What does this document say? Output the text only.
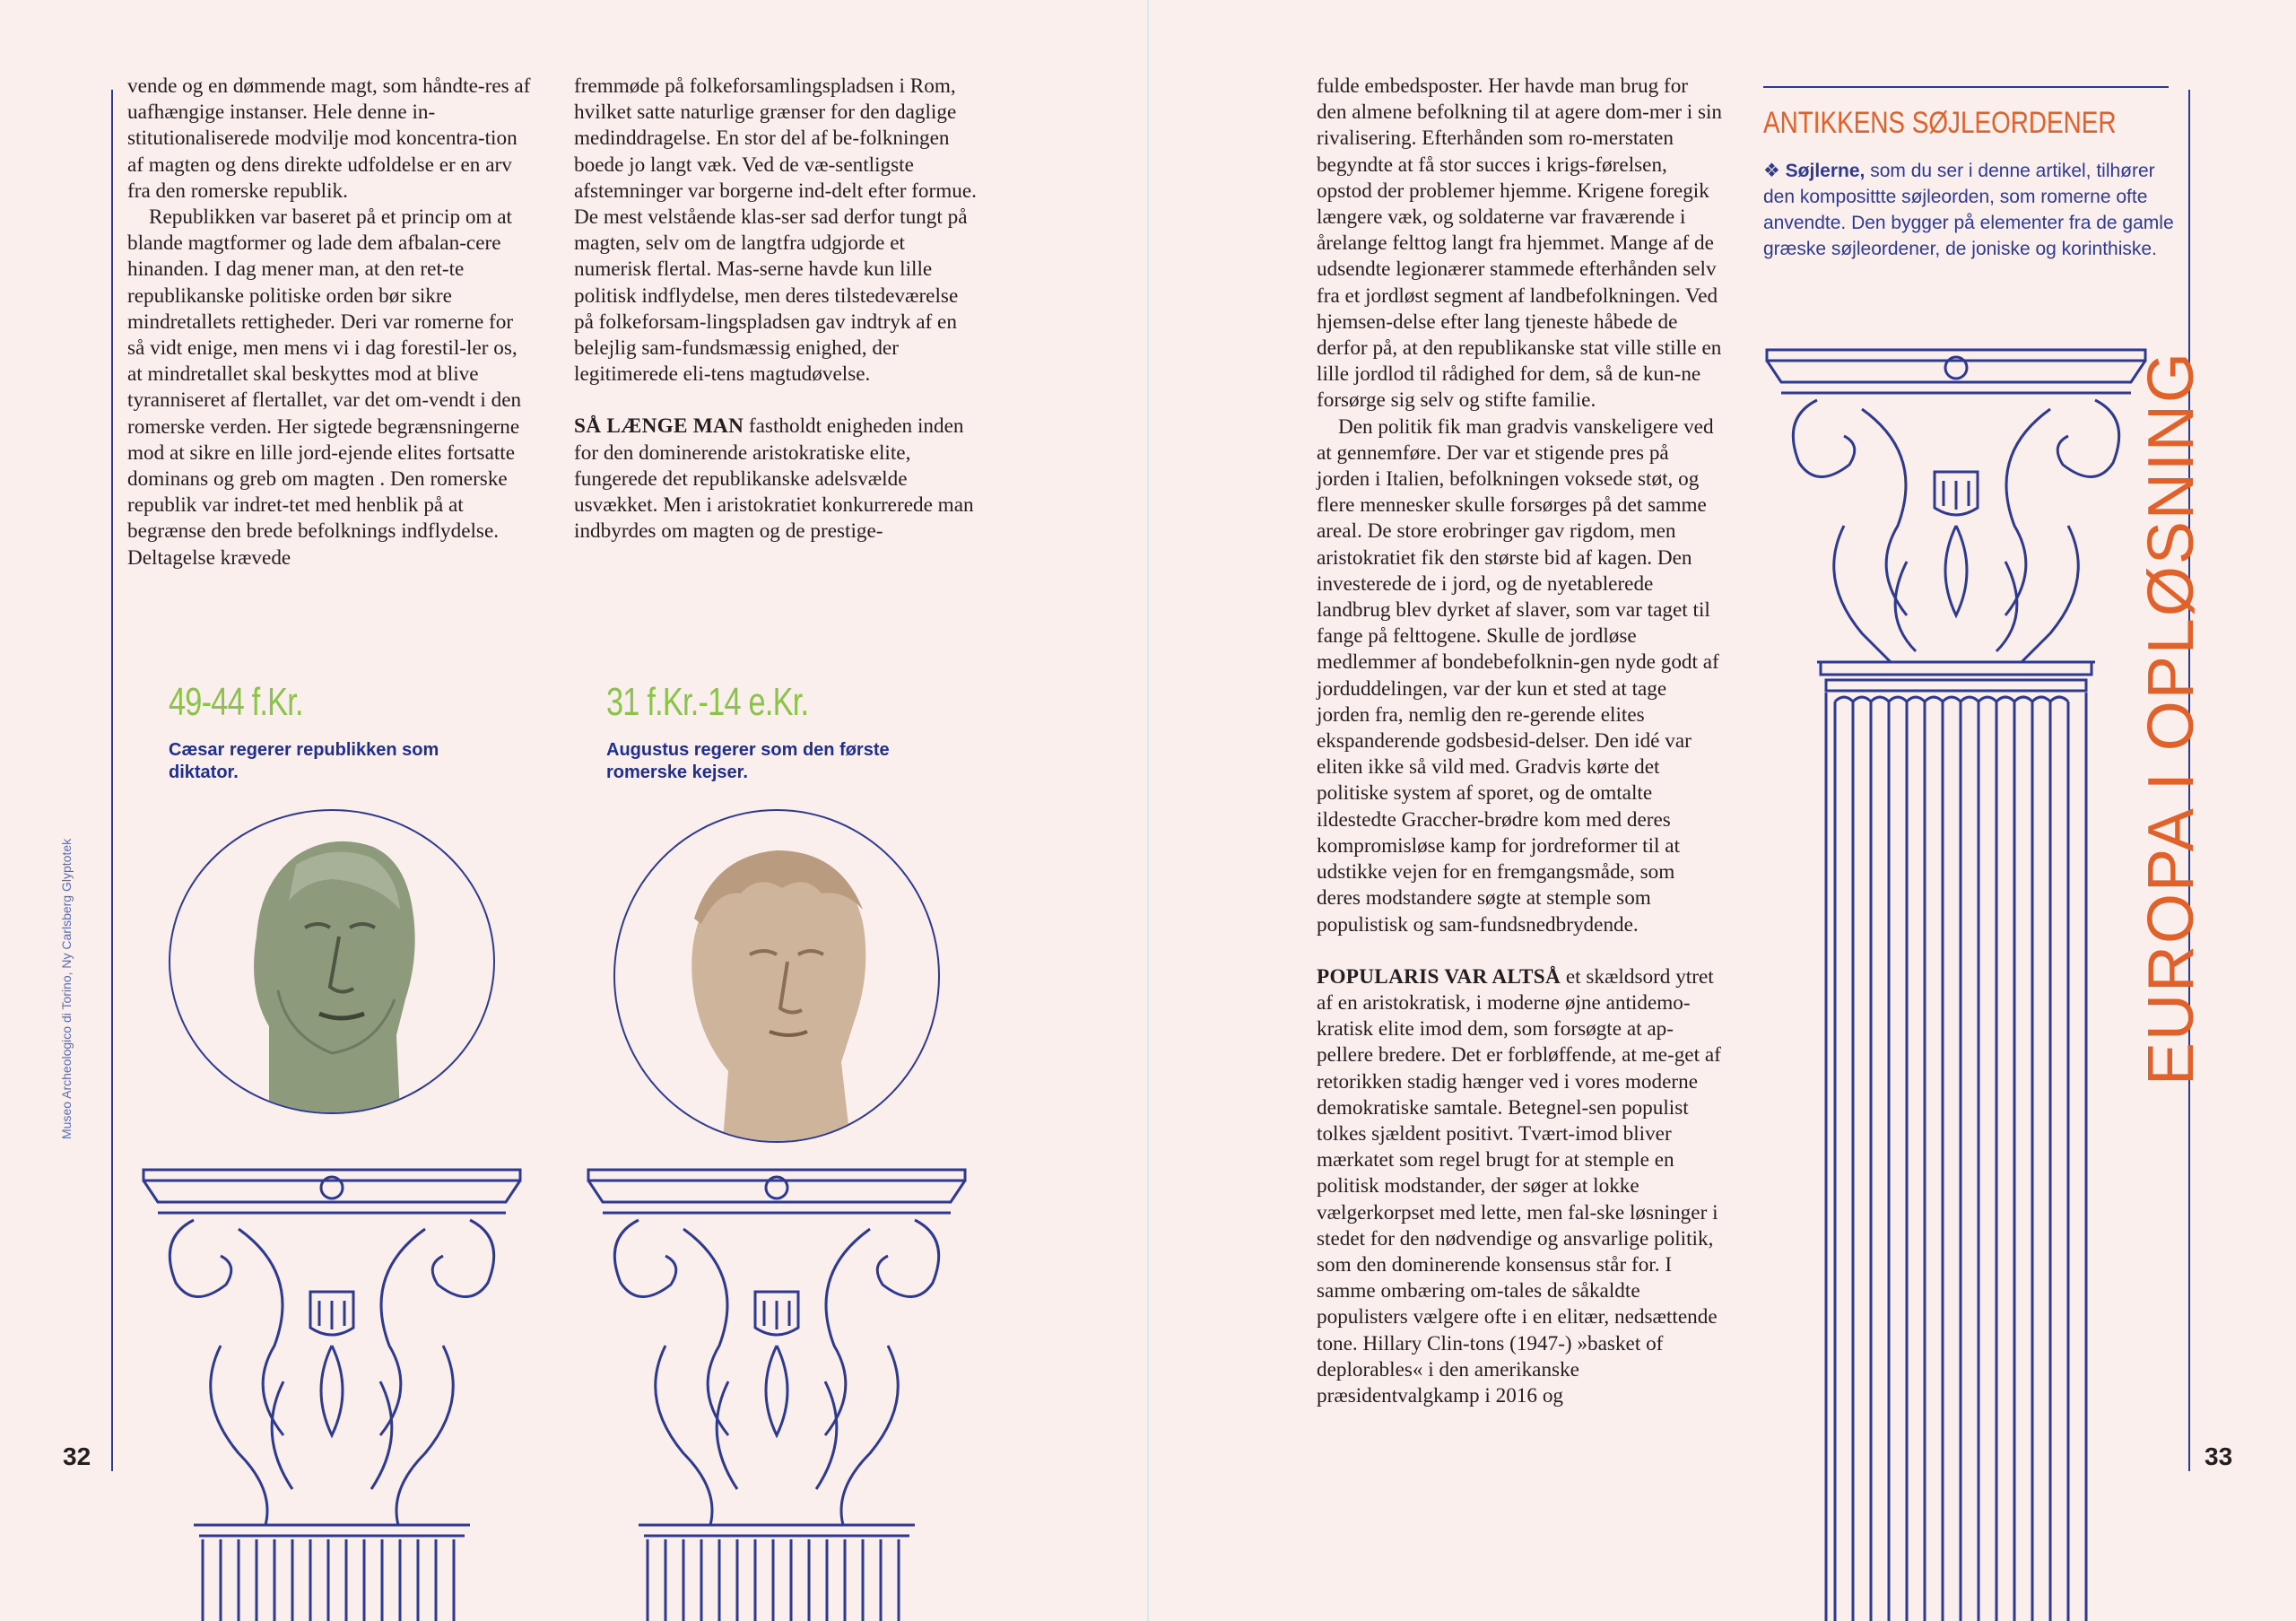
vende og en dømmende magt, som håndte-res af uafhængige instanser. Hele denne in-stitutionaliserede modvilje mod koncentra-tion af magten og dens direkte udfoldelse er en arv fra den romerske republik.

Republikken var baseret på et princip om at blande magtformer og lade dem afbalan-cere hinanden. I dag mener man, at den ret-te republikanske politiske orden bør sikre mindretallets rettigheder. Deri var romerne for så vidt enige, men mens vi i dag forestil-ler os, at mindretallet skal beskyttes mod at blive tyranniseret af flertallet, var det om-vendt i den romerske verden. Her sigtede begrænsningerne mod at sikre en lille jord-ejende elites fortsatte dominans og greb om magten . Den romerske republik var indret-tet med henblik på at begrænse den brede befolknings indflydelse. Deltagelse krævede

fremmøde på folkeforsamlingspladsen i Rom, hvilket satte naturlige grænser for den daglige medinddragelse. En stor del af be-folkningen boede jo langt væk. Ved de væ-sentligste afstemninger var borgerne ind-delt efter formue. De mest velstående klas-ser sad derfor tungt på magten, selv om de langtfra udgjorde et numerisk flertal. Mas-serne havde kun lille politisk indflydelse, men deres tilstedeværelse på folkeforsam-lingspladsen gav indtryk af en belejlig sam-fundsmæssig enighed, der legitimerede eli-tens magtudøvelse.

SÅ LÆNGE MAN fastholdt enigheden inden for den dominerende aristokratiske elite, fungerede det republikanske adelsvælde usvækket. Men i aristokratiet konkurrerede man indbyrdes om magten og de prestige-

49-44 f.Kr.
Cæsar regerer republikken som diktator.
31 f.Kr.-14 e.Kr.
Augustus regerer som den første romerske kejser.
Museo Archeologico di Torino, Ny Carlsberg Glyptotek
32

fulde embedsposter. Her havde man brug for den almene befolkning til at agere dom-mer i sin rivalisering. Efterhånden som ro-merstaten begyndte at få stor succes i krigs-førelsen, opstod der problemer hjemme. Krigene foregik længere væk, og soldaterne var fraværende i årelange felttog langt fra hjemmet. Mange af de udsendte legionærer stammede efterhånden selv fra et jordløst segment af landbefolkningen. Ved hjemsen-delse efter lang tjeneste håbede de derfor på, at den republikanske stat ville stille en lille jordlod til rådighed for dem, så de kun-ne forsørge sig selv og stifte familie.

Den politik fik man gradvis vanskeligere ved at gennemføre. Der var et stigende pres på jorden i Italien, befolkningen voksede støt, og flere mennesker skulle forsørges på det samme areal. De store erobringer gav rigdom, men aristokratiet fik den største bid af kagen. Den investerede de i jord, og de nyetablerede landbrug blev dyrket af slaver, som var taget til fange på felttogene. Skulle de jordløse medlemmer af bondebefolknin-gen nyde godt af jorduddelingen, var der kun et sted at tage jorden fra, nemlig den re-gerende elites ekspanderende godsbesid-delser. Den idé var eliten ikke så vild med. Gradvis kørte det politiske system af sporet, og de omtalte ildestedte Graccher-brødre kom med deres kompromisløse kamp for jordreformer til at udstikke vejen for en fremgangsmåde, som deres modstandere søgte at stemple som populistisk og sam-fundsnedbrydende.

POPULARIS VAR ALTSÅ et skældsord ytret af en aristokratisk, i moderne øjne antidemo-kratisk elite imod dem, som forsøgte at ap-pellere bredere. Det er forbløffende, at me-get af retorikken stadig hænger ved i vores moderne demokratiske samtale. Betegnel-sen populist tolkes sjældent positivt. Tvært-imod bliver mærkatet som regel brugt for at stemple en politisk modstander, der søger at lokke vælgerkorpset med lette, men fal-ske løsninger i stedet for den nødvendige og ansvarlige politik, som den dominerende konsensus står for. I samme ombæring om-tales de såkaldte populisters vælgere ofte i en elitær, nedsættende tone. Hillary Clin-tons (1947-) »basket of deplorables« i den amerikanske præsidentvalgkamp i 2016 og

ANTIKKENS SØJLEORDENER
❖ Søjlerne, som du ser i denne artikel, tilhører den komposittte søjleorden, som romerne ofte anvendte. Den bygger på elementer fra de gamle græske søjleordener, de joniske og korinthiske.
EUROPA I OPLØSNING
33
